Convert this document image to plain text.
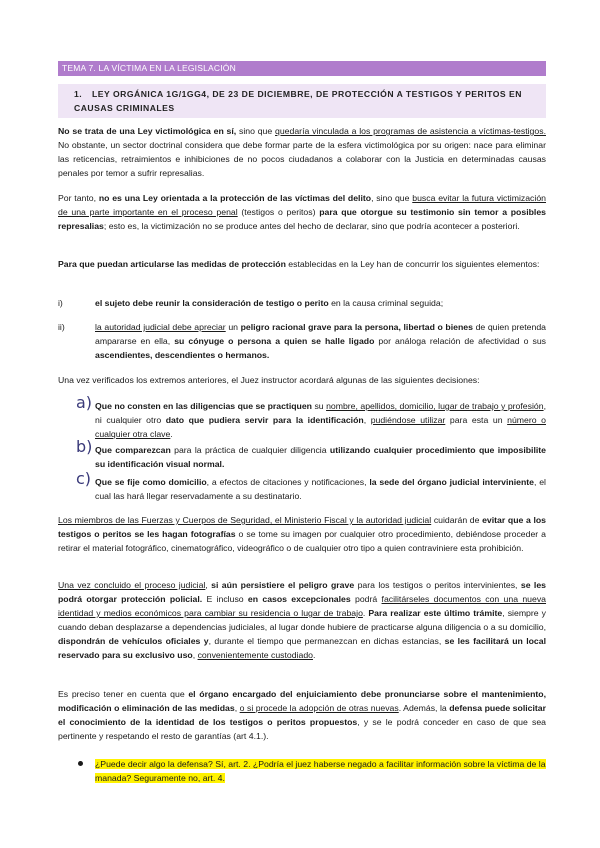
TEMA 7. LA VÍCTIMA EN LA LEGISLACIÓN
1. LEY ORGÁNICA 1G/1GG4, DE 23 DE DICIEMBRE, DE PROTECCIÓN A TESTIGOS Y PERITOS EN CAUSAS CRIMINALES
No se trata de una Ley victimológica en sí, sino que quedaría vinculada a los programas de asistencia a víctimas-testigos. No obstante, un sector doctrinal considera que debe formar parte de la esfera victimológica por su origen: nace para eliminar las reticencias, retraimientos e inhibiciones de no pocos ciudadanos a colaborar con la Justicia en determinadas causas penales por temor a sufrir represalias.
Por tanto, no es una Ley orientada a la protección de las víctimas del delito, sino que busca evitar la futura victimización de una parte importante en el proceso penal (testigos o peritos) para que otorgue su testimonio sin temor a posibles represalias; esto es, la victimización no se produce antes del hecho de declarar, sino que podría acontecer a posteriori.
Para que puedan articularse las medidas de protección establecidas en la Ley han de concurrir los siguientes elementos:
i)	el sujeto debe reunir la consideración de testigo o perito en la causa criminal seguida;
ii)	la autoridad judicial debe apreciar un peligro racional grave para la persona, libertad o bienes de quien pretenda ampararse en ella, su cónyuge o persona a quien se halle ligado por análoga relación de afectividad o sus ascendientes, descendientes o hermanos.
Una vez verificados los extremos anteriores, el Juez instructor acordará algunas de las siguientes decisiones:
a) Que no consten en las diligencias que se practiquen su nombre, apellidos, domicilio, lugar de trabajo y profesión, ni cualquier otro dato que pudiera servir para la identificación, pudiéndose utilizar para esta un número o cualquier otra clave.
b) Que comparezcan para la práctica de cualquier diligencia utilizando cualquier procedimiento que imposibilite su identificación visual normal.
c) Que se fije como domicilio, a efectos de citaciones y notificaciones, la sede del órgano judicial interviniente, el cual las hará llegar reservadamente a su destinatario.
Los miembros de las Fuerzas y Cuerpos de Seguridad, el Ministerio Fiscal y la autoridad judicial cuidarán de evitar que a los testigos o peritos se les hagan fotografías o se tome su imagen por cualquier otro procedimiento, debiéndose proceder a retirar el material fotográfico, cinematográfico, videográfico o de cualquier otro tipo a quien contraviniere esta prohibición.
Una vez concluido el proceso judicial, si aún persistiere el peligro grave para los testigos o peritos intervinientes, se les podrá otorgar protección policial. E incluso en casos excepcionales podrá facilitárseles documentos con una nueva identidad y medios económicos para cambiar su residencia o lugar de trabajo. Para realizar este último trámite, siempre y cuando deban desplazarse a dependencias judiciales, al lugar donde hubiere de practicarse alguna diligencia o a su domicilio, dispondrán de vehículos oficiales y, durante el tiempo que permanezcan en dichas estancias, se les facilitará un local reservado para su exclusivo uso, convenientemente custodiado.
Es preciso tener en cuenta que el órgano encargado del enjuiciamiento debe pronunciarse sobre el mantenimiento, modificación o eliminación de las medidas, o si procede la adopción de otras nuevas. Además, la defensa puede solicitar el conocimiento de la identidad de los testigos o peritos propuestos, y se le podrá conceder en caso de que sea pertinente y respetando el resto de garantías (art 4.1.).
¿Puede decir algo la defensa? Sí, art. 2. ¿Podría el juez haberse negado a facilitar información sobre la víctima de la manada? Seguramente no, art. 4.
